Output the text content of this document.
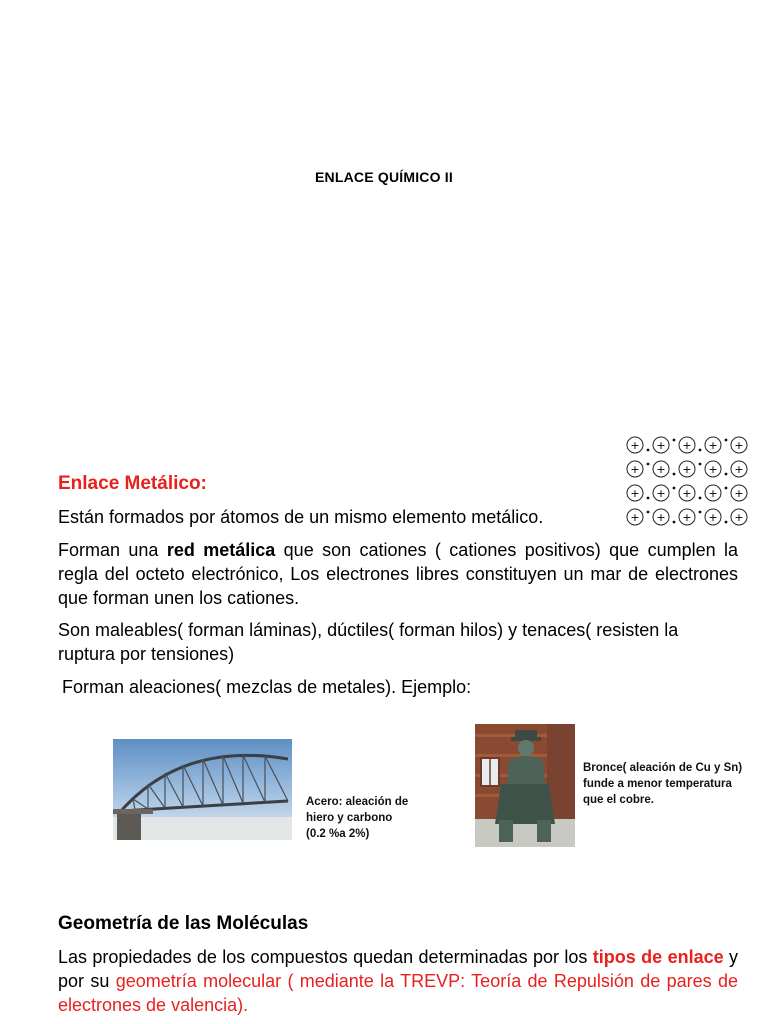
ENLACE QUÍMICO II
+ + + + +
+ + + + +
+ + + + +
+ + + + +
Enlace Metálico:
Están formados por átomos de un mismo elemento metálico.
Forman una red metálica que son cationes ( cationes positivos) que cumplen la regla del octeto electrónico, Los electrones libres constituyen un mar de electrones que forman unen los cationes.
Son maleables( forman láminas), dúctiles( forman hilos) y tenaces( resisten la ruptura por tensiones)
Forman aleaciones( mezclas de metales). Ejemplo:
Acero: aleación de
hiero y carbono
(0.2 %a 2%)
Bronce( aleación de Cu y Sn)
funde a menor temperatura
que el cobre.
Geometría de las Moléculas
Las propiedades de los compuestos quedan determinadas por los tipos de enlace y por su geometría molecular ( mediante la TREVP: Teoría de Repulsión de pares de electrones de valencia).
